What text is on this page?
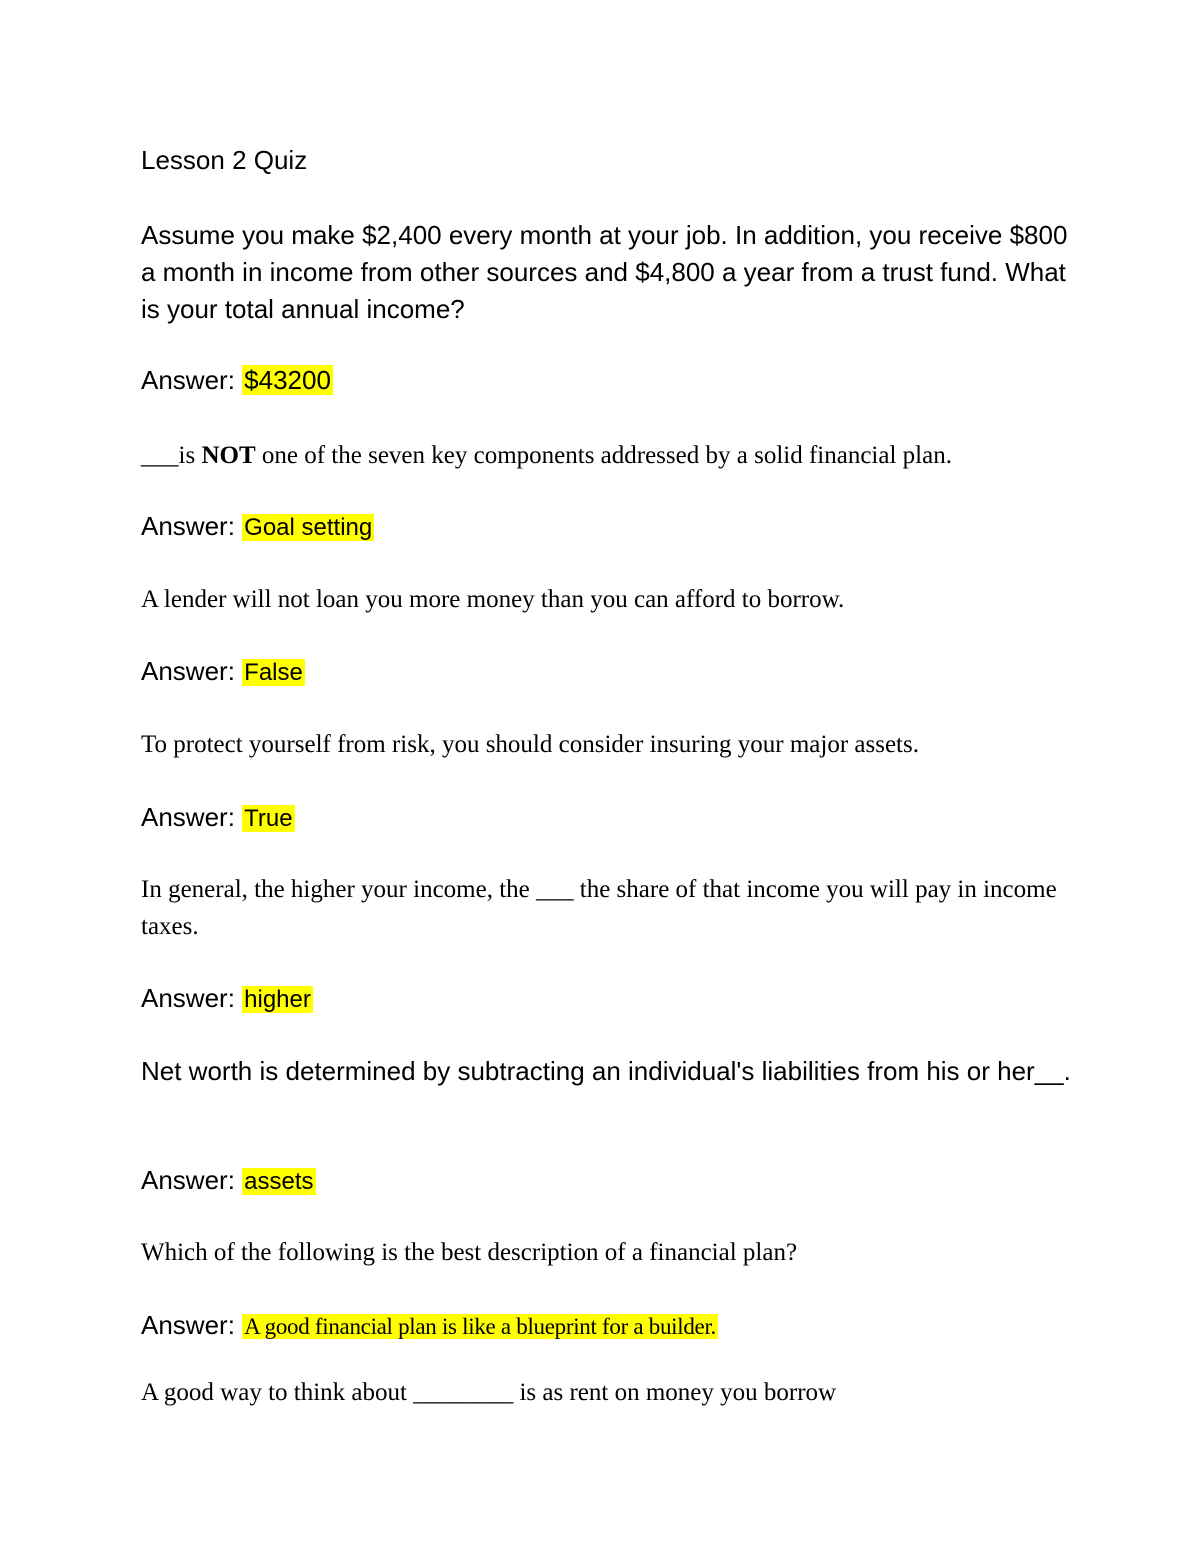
Lesson 2 Quiz

Assume you make $2,400 every month at your job. In addition, you receive $800 a month in income from other sources and $4,800 a year from a trust fund. What is your total annual income?

Answer: $43200

___is NOT one of the seven key components addressed by a solid financial plan.

Answer: Goal setting

A lender will not loan you more money than you can afford to borrow.

Answer: False

To protect yourself from risk, you should consider insuring your major assets.

Answer: True

In general, the higher your income, the ___ the share of that income you will pay in income taxes.

Answer: higher

Net worth is determined by subtracting an individual's liabilities from his or her__.

Answer: assets

Which of the following is the best description of a financial plan?

Answer: A good financial plan is like a blueprint for a builder.

A good way to think about ________ is as rent on money you borrow
